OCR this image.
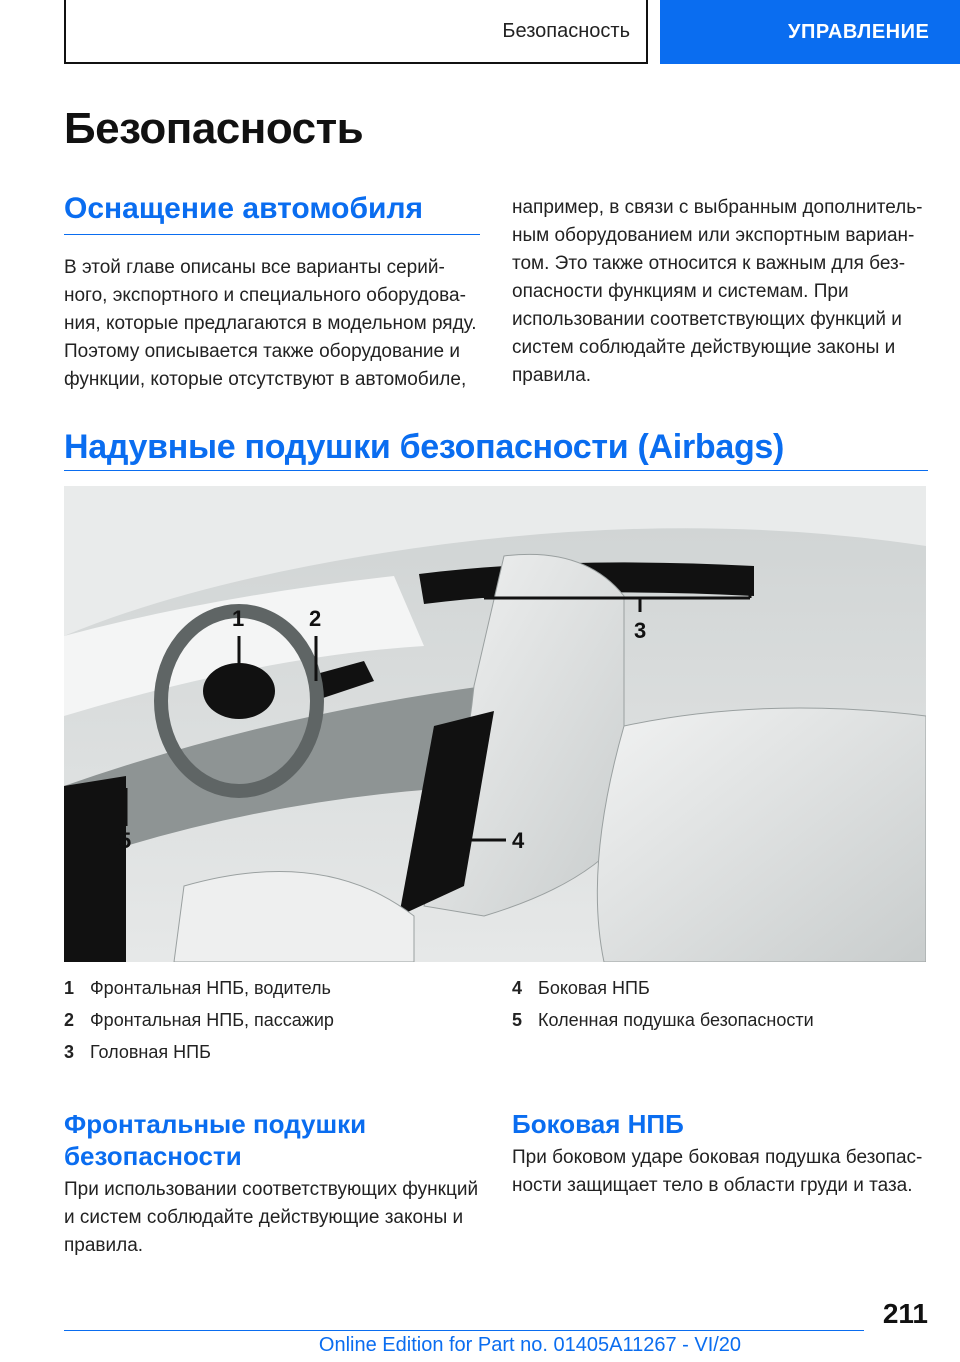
Безопасность	УПРАВЛЕНИЕ
Безопасность
Оснащение автомобиля
В этой главе описаны все варианты серийного, экспортного и специального оборудования, которые предлагаются в модельном ряду. Поэтому описывается также оборудование и функции, которые отсутствуют в автомобиле,
например, в связи с выбранным дополнительным оборудованием или экспортным вариантом. Это также относится к важным для безопасности функциям и системам. При использовании соответствующих функций и систем соблюдайте действующие законы и правила.
Надувные подушки безопасности (Airbags)
1	2	3
4
5
1 Фронтальная НПБ, водитель
2 Фронтальная НПБ, пассажир
3 Головная НПБ
4 Боковая НПБ
5 Коленная подушка безопасности
Фронтальные подушки безопасности
При использовании соответствующих функций и систем соблюдайте действующие законы и правила.
Боковая НПБ
При боковом ударе боковая подушка безопасности защищает тело в области груди и таза.
211
Online Edition for Part no. 01405A11267 - VI/20
